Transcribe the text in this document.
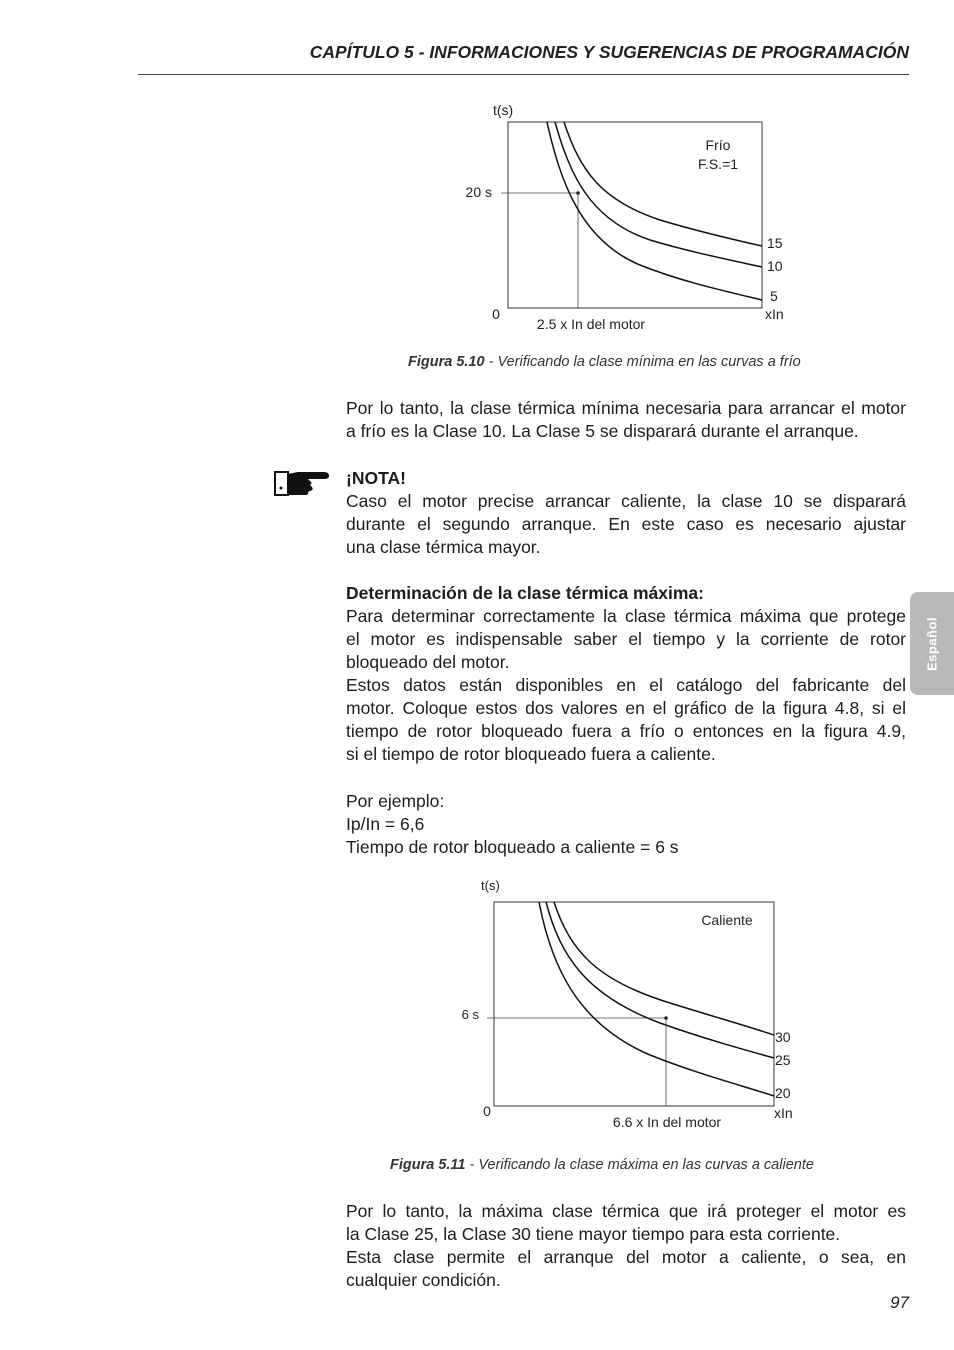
CAPÍTULO 5 - INFORMACIONES Y SUGERENCIAS DE PROGRAMACIÓN
t(s)
Frío
F.S.=1
20 s
0
2.5 x In del motor
xIn
15
10
5
Figura 5.10 - Verificando la clase mínima en las curvas a frío
Por lo tanto, la clase térmica mínima necesaria para arrancar el motor
a frío es la Clase 10. La Clase 5 se disparará durante el arranque.
¡NOTA!
Caso el motor precise arrancar caliente, la clase 10 se disparará
durante el segundo arranque. En este caso es necesario ajustar
una clase térmica mayor.
Determinación de la clase térmica máxima:
Para determinar correctamente la clase térmica máxima que protege
el motor es indispensable saber el tiempo y la corriente de rotor
bloqueado del motor.
Estos datos están disponibles en el catálogo del fabricante del
motor. Coloque estos dos valores en el gráfico de la figura 4.8, si el
tiempo de rotor bloqueado fuera a frío o entonces en la figura 4.9,
si el tiempo de rotor bloqueado fuera a caliente.
Por ejemplo:
Ip/In = 6,6
Tiempo de rotor bloqueado a caliente = 6 s
t(s)
Caliente
6 s
0
6.6 x In del motor
xIn
30
25
20
Figura 5.11 - Verificando la clase máxima en las curvas a caliente
Por lo tanto, la máxima clase térmica que irá proteger el motor es
la Clase 25, la Clase 30 tiene mayor tiempo para esta corriente.
Esta clase permite el arranque del motor a caliente, o sea, en
cualquier condición.
Español
97
